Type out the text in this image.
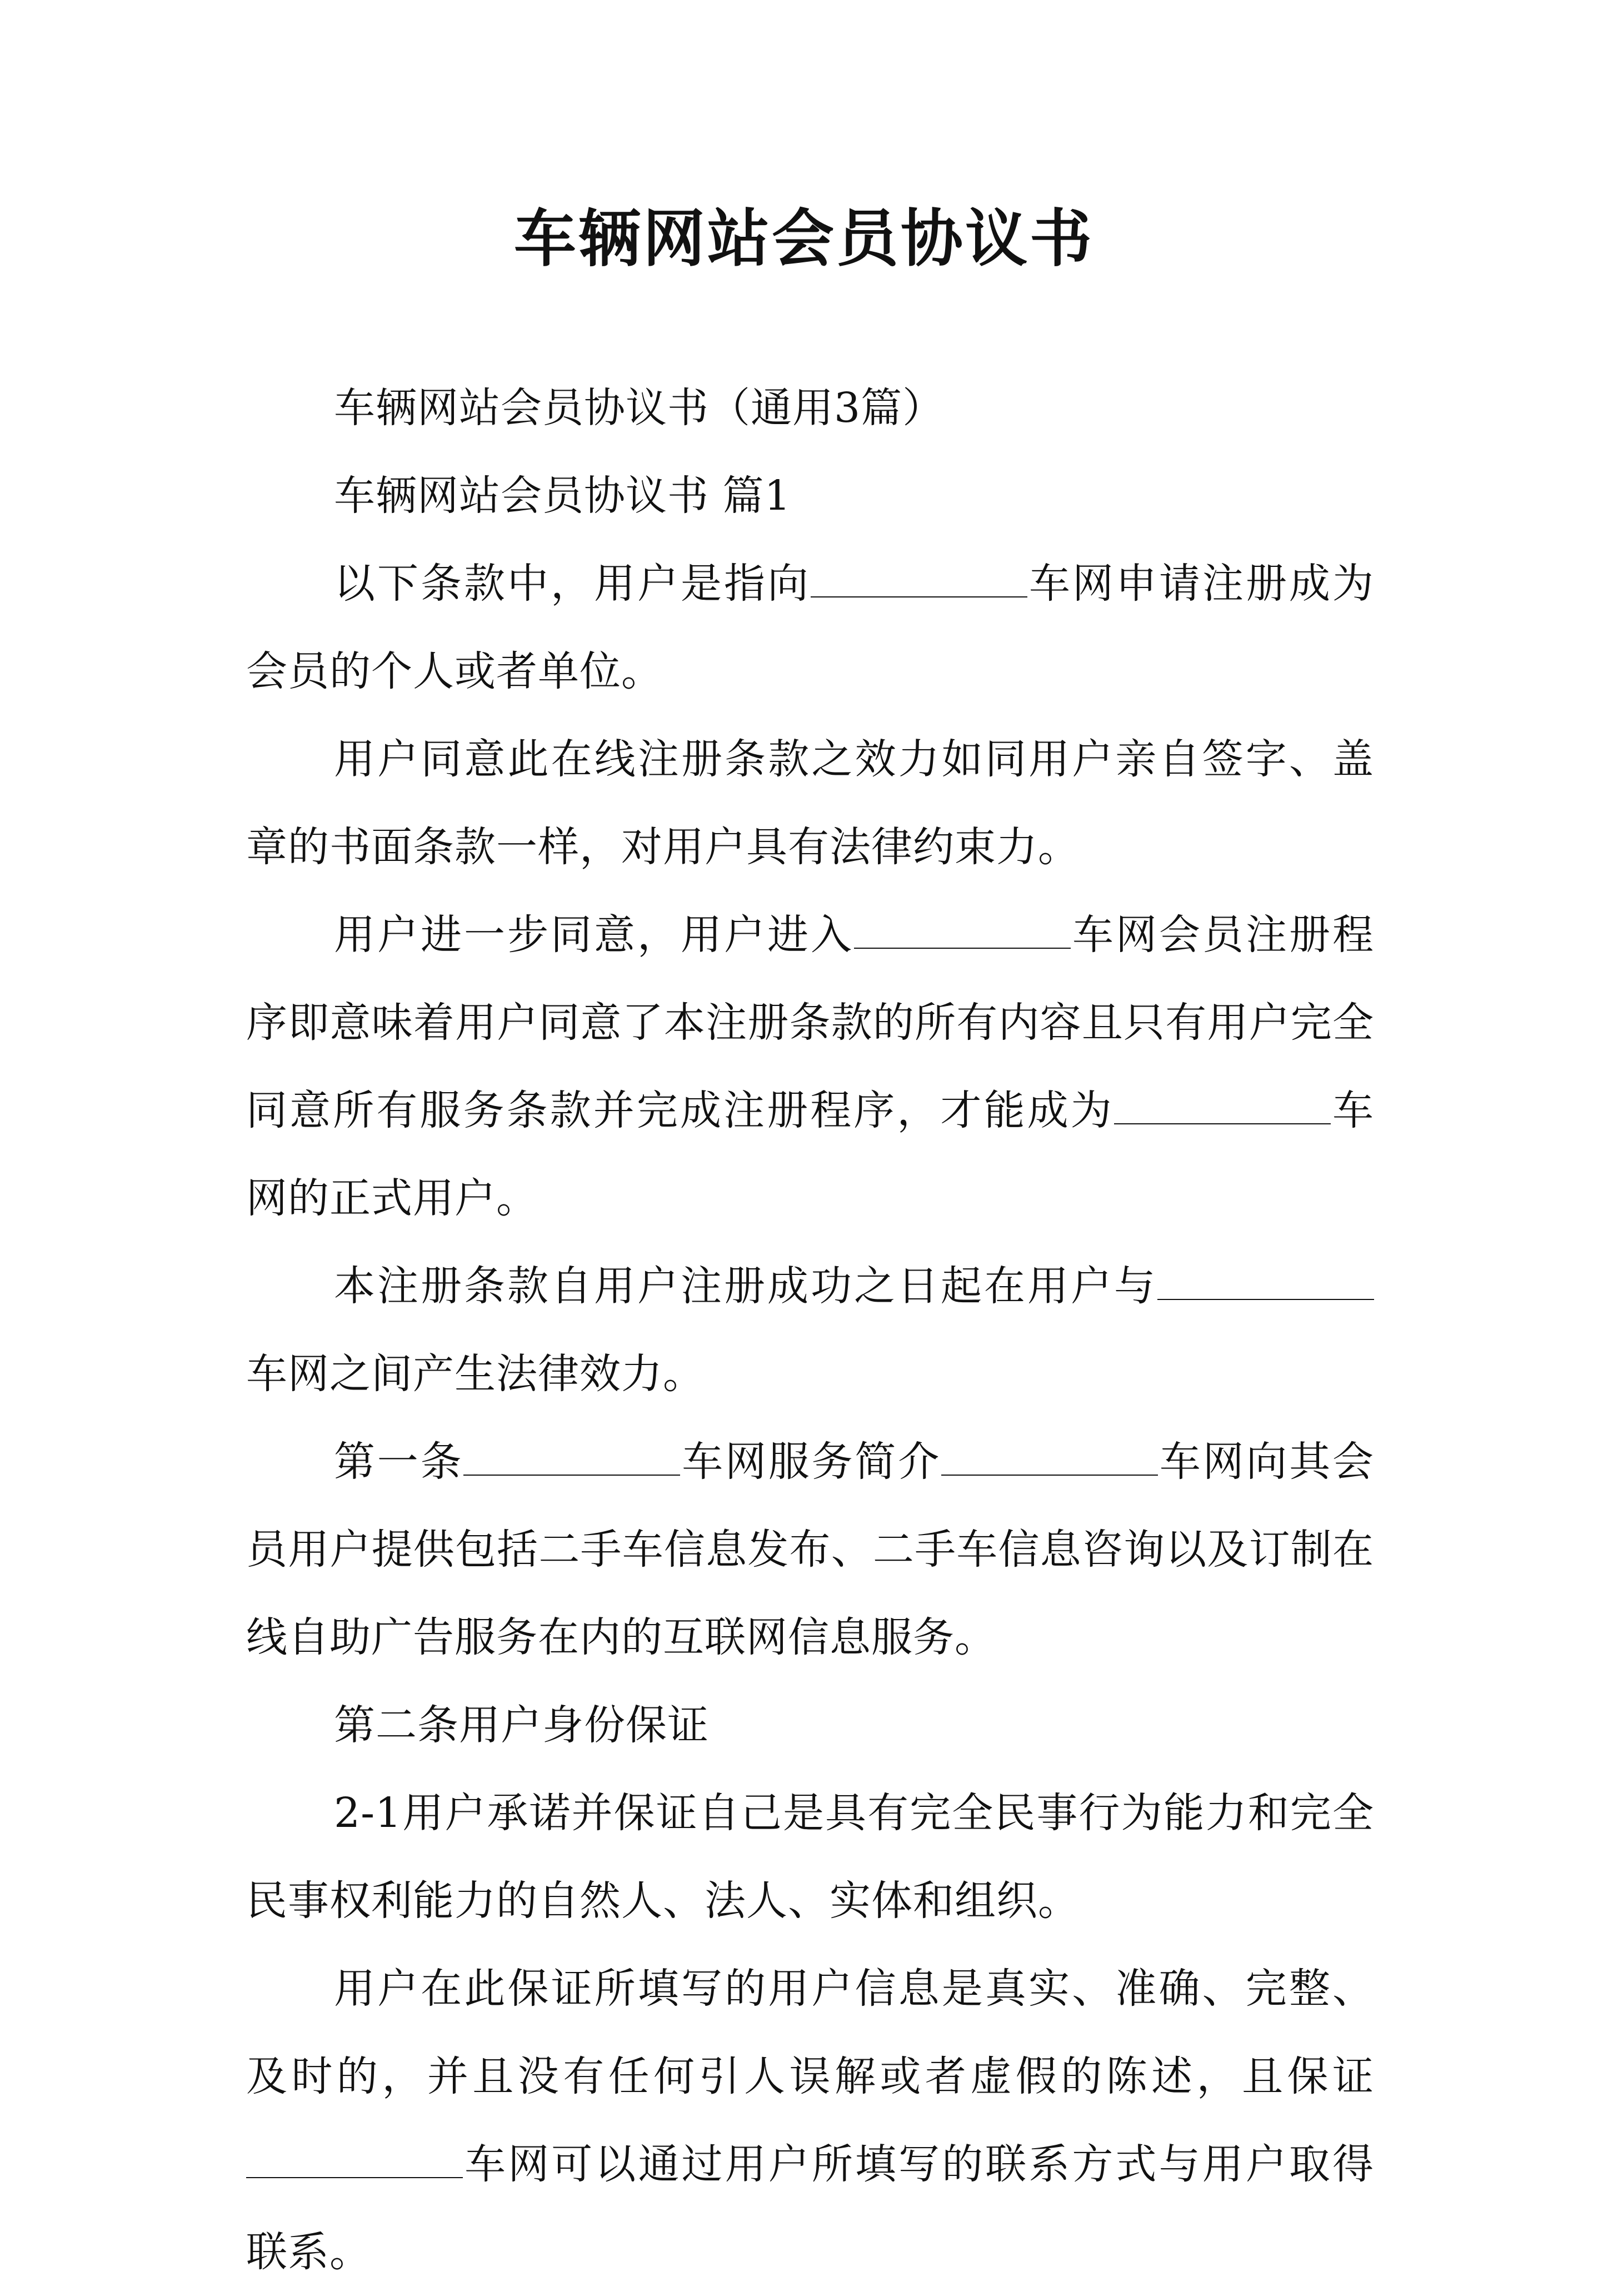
车辆网站会员协议书

车辆网站会员协议书（通用3篇）

车辆网站会员协议书 篇1

以下条款中，用户是指向	车网申请注册成为会员的个人或者单位。

用户同意此在线注册条款之效力如同用户亲自签字、盖章的书面条款一样，对用户具有法律约束力。

用户进一步同意，用户进入	车网会员注册程序即意味着用户同意了本注册条款的所有内容且只有用户完全同意所有服务条款并完成注册程序，才能成为	车网的正式用户。

本注册条款自用户注册成功之日起在用户与车网之间产生法律效力。

第一条	车网服务简介	车网向其会员用户提供包括二手车信息发布、二手车信息咨询以及订制在线自助广告服务在内的互联网信息服务。

第二条用户身份保证

2-1用户承诺并保证自己是具有完全民事行为能力和完全民事权利能力的自然人、法人、实体和组织。

用户在此保证所填写的用户信息是真实、准确、完整、及时的，并且没有任何引人误解或者虚假的陈述，且保证车网可以通过用户所填写的联系方式与用户取得联系。
